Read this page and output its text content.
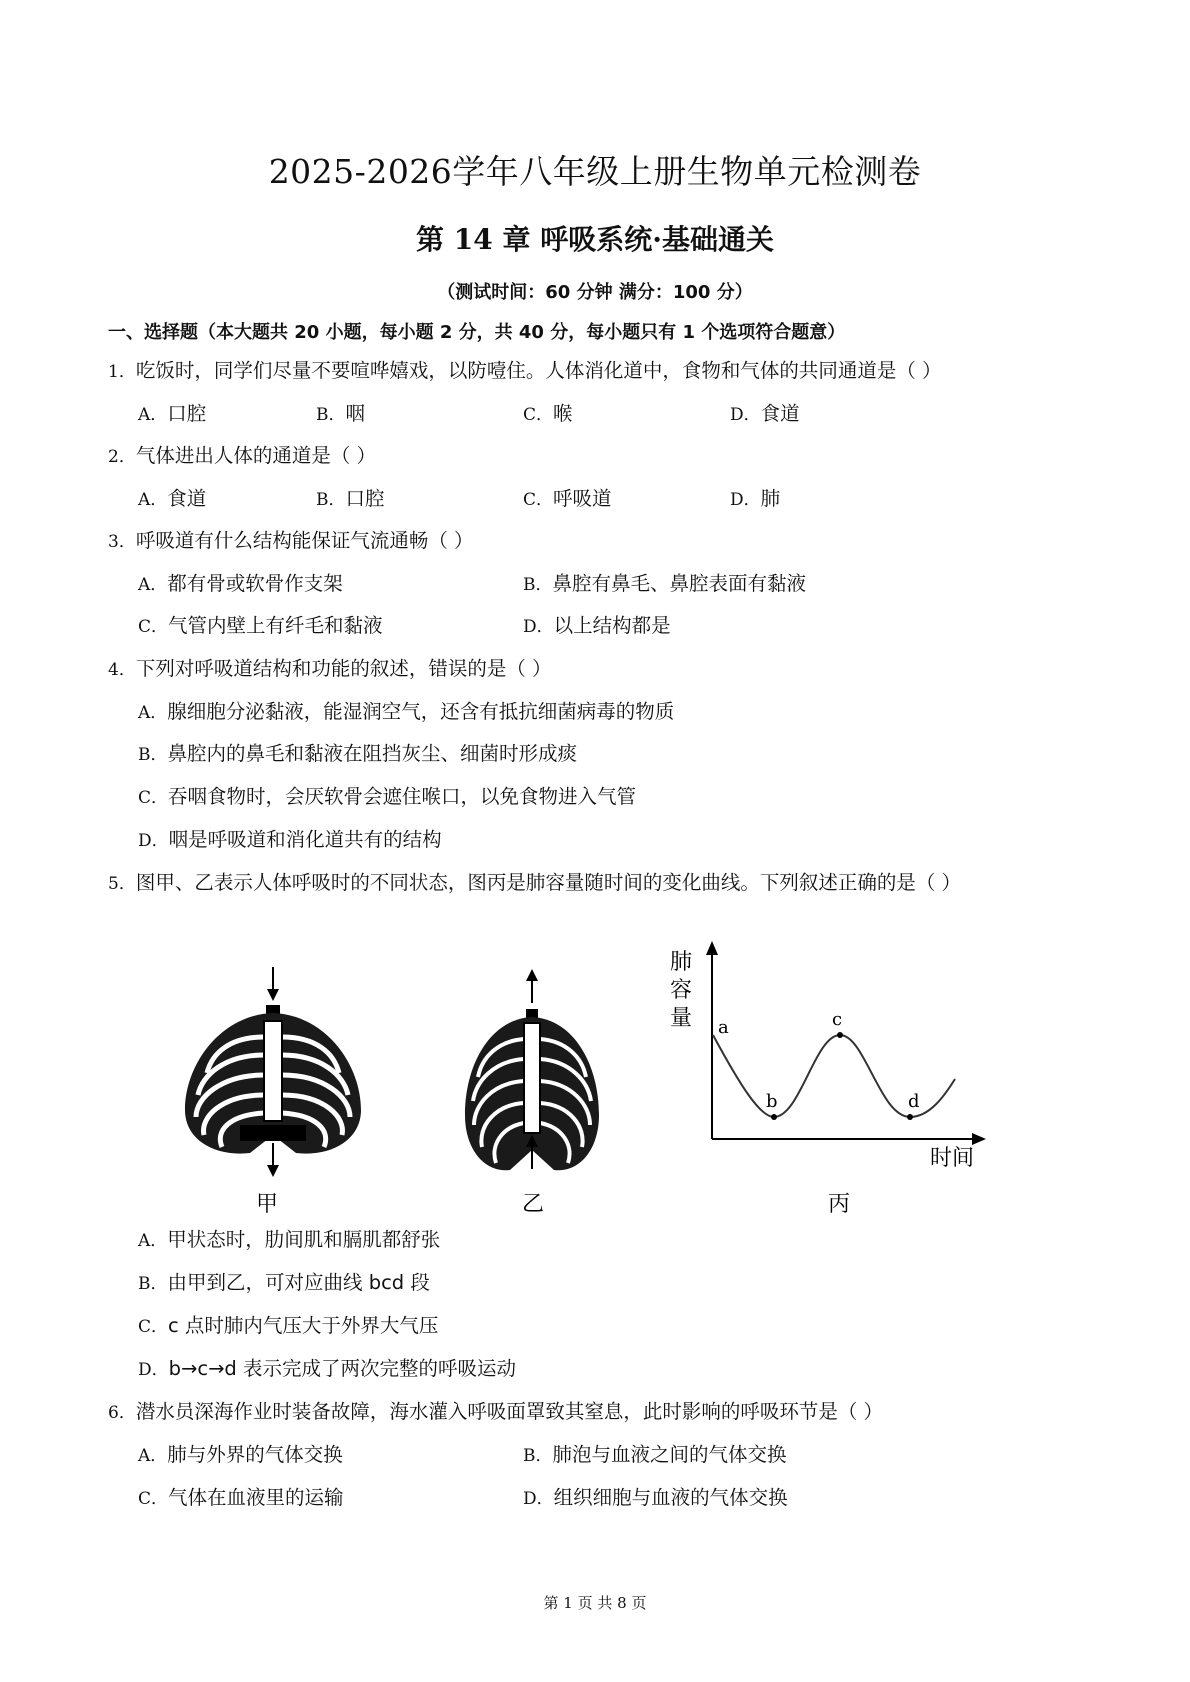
2025-2026学年八年级上册生物单元检测卷
第 14 章 呼吸系统·基础通关
（测试时间：60 分钟 满分：100 分）
一、选择题（本大题共 20 小题，每小题 2 分，共 40 分，每小题只有 1 个选项符合题意）
1．吃饭时，同学们尽量不要喧哗嬉戏，以防噎住。人体消化道中，食物和气体的共同通道是（ ）
A．口腔	B．咽	C．喉	D．食道
2．气体进出人体的通道是（ ）
A．食道	B．口腔	C．呼吸道	D．肺
3．呼吸道有什么结构能保证气流通畅（ ）
A．都有骨或软骨作支架	B．鼻腔有鼻毛、鼻腔表面有黏液
C．气管内壁上有纤毛和黏液	D．以上结构都是
4．下列对呼吸道结构和功能的叙述，错误的是（ ）
A．腺细胞分泌黏液，能湿润空气，还含有抵抗细菌病毒的物质
B．鼻腔内的鼻毛和黏液在阻挡灰尘、细菌时形成痰
C．吞咽食物时，会厌软骨会遮住喉口，以免食物进入气管
D．咽是呼吸道和消化道共有的结构
5．图甲、乙表示人体呼吸时的不同状态，图丙是肺容量随时间的变化曲线。下列叙述正确的是（ ）
甲	乙
肺
容
量
时间
a
b
c
d
丙
A．甲状态时，肋间肌和膈肌都舒张
B．由甲到乙，可对应曲线 bcd 段
C．c 点时肺内气压大于外界大气压
D．b→c→d 表示完成了两次完整的呼吸运动
6．潜水员深海作业时装备故障，海水灌入呼吸面罩致其窒息，此时影响的呼吸环节是（ ）
A．肺与外界的气体交换	B．肺泡与血液之间的气体交换
C．气体在血液里的运输	D．组织细胞与血液的气体交换
第 1 页 共 8 页
